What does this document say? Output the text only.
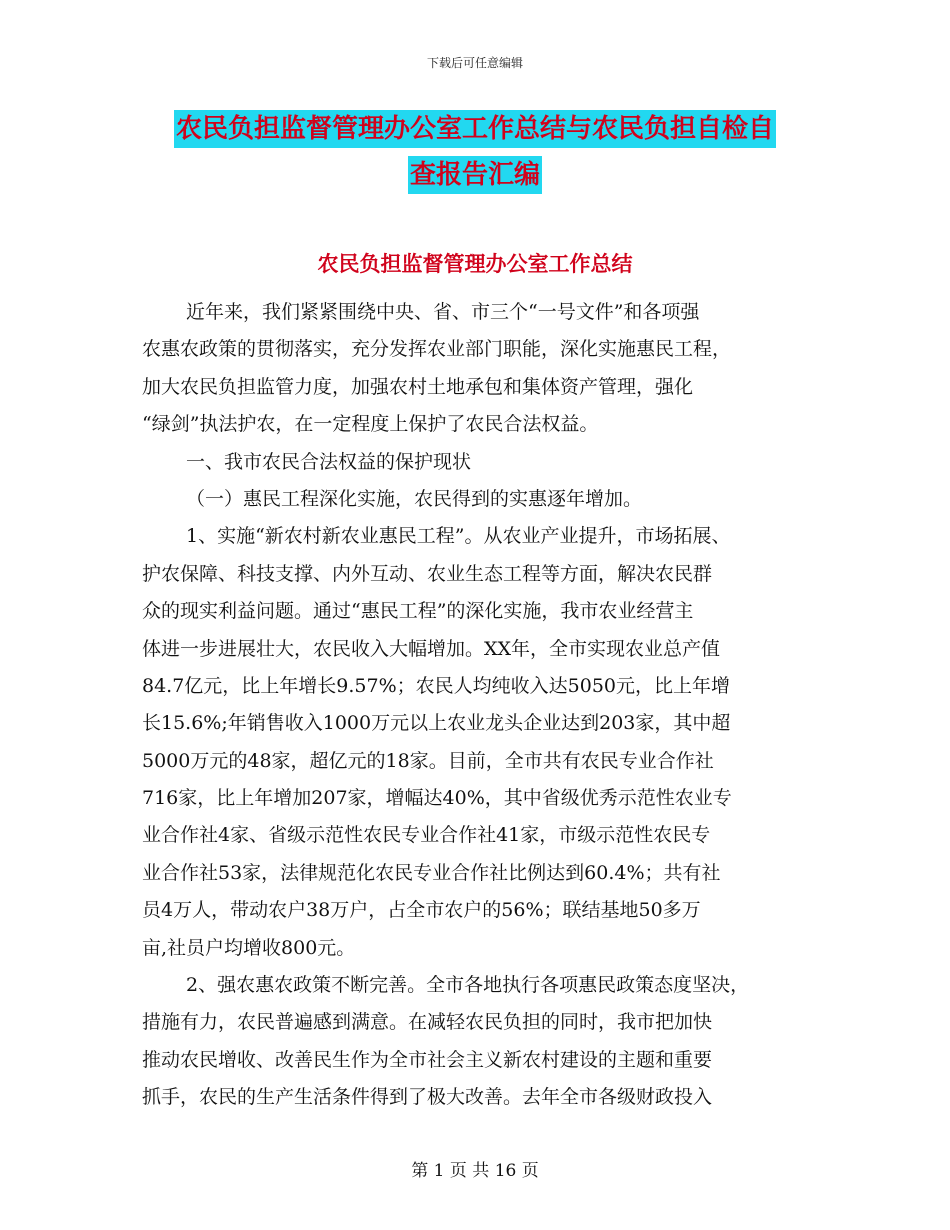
下载后可任意编辑
农民负担监督管理办公室工作总结与农民负担自检自
查报告汇编
农民负担监督管理办公室工作总结
近年来，我们紧紧围绕中央、省、市三个“一号文件”和各项强
农惠农政策的贯彻落实，充分发挥农业部门职能，深化实施惠民工程，
加大农民负担监管力度，加强农村土地承包和集体资产管理，强化
“绿剑”执法护农，在一定程度上保护了农民合法权益。
一、我市农民合法权益的保护现状
（一）惠民工程深化实施，农民得到的实惠逐年增加。
1、实施“新农村新农业惠民工程”。从农业产业提升，市场拓展、
护农保障、科技支撑、内外互动、农业生态工程等方面，解决农民群
众的现实利益问题。通过“惠民工程”的深化实施，我市农业经营主
体进一步进展壮大，农民收入大幅增加。XX年，全市实现农业总产值
84.7亿元，比上年增长9.57%；农民人均纯收入达5050元，比上年增
长15.6%;年销售收入1000万元以上农业龙头企业达到203家，其中超
5000万元的48家，超亿元的18家。目前，全市共有农民专业合作社
716家，比上年增加207家，增幅达40%，其中省级优秀示范性农业专
业合作社4家、省级示范性农民专业合作社41家，市级示范性农民专
业合作社53家，法律规范化农民专业合作社比例达到60.4%；共有社
员4万人，带动农户38万户，占全市农户的56%；联结基地50多万
亩,社员户均增收800元。
2、强农惠农政策不断完善。全市各地执行各项惠民政策态度坚决，
措施有力，农民普遍感到满意。在减轻农民负担的同时，我市把加快
推动农民增收、改善民生作为全市社会主义新农村建设的主题和重要
抓手，农民的生产生活条件得到了极大改善。去年全市各级财政投入
第 1 页 共 16 页
